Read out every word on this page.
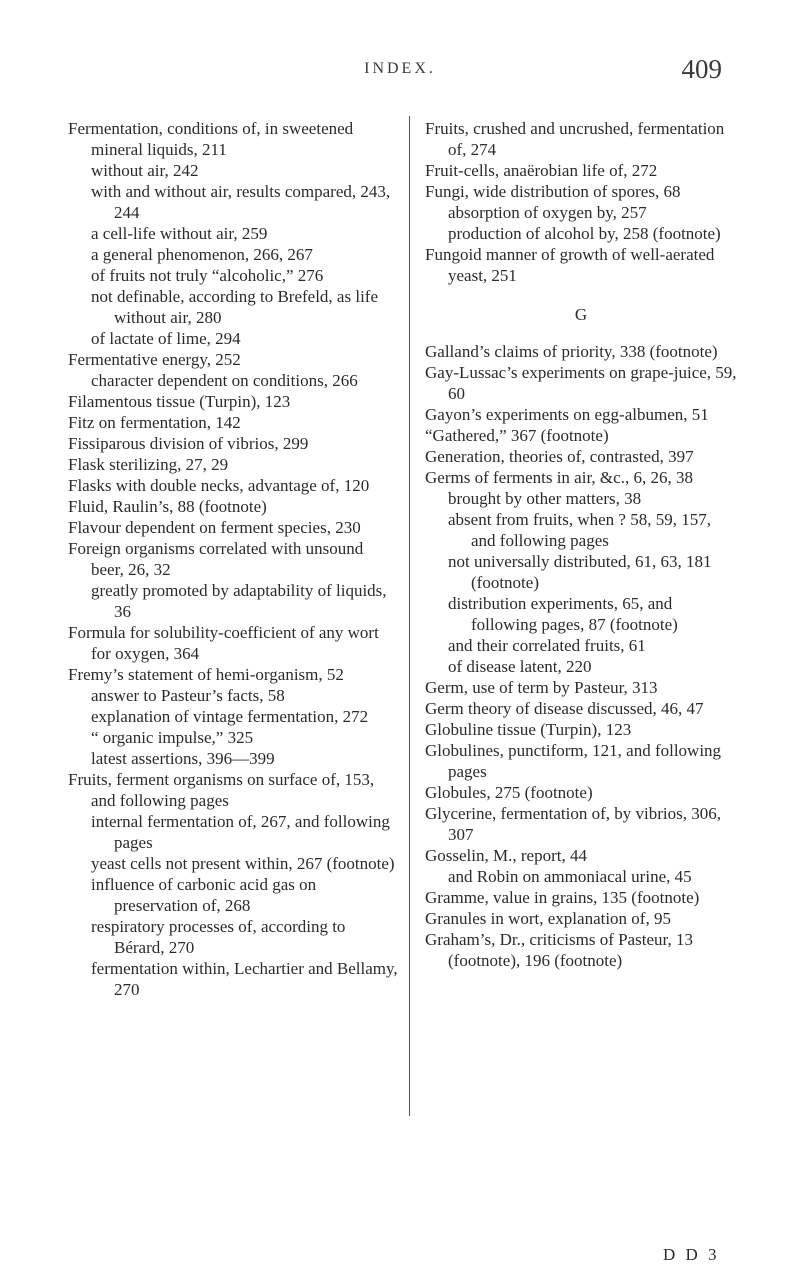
INDEX.	409

Fermentation, conditions of, in sweetened mineral liquids, 211

without air, 242

with and without air, results compared, 243, 244

a cell-life without air, 259

a general phenomenon, 266, 267

of fruits not truly “alcoholic,” 276

not definable, according to Brefeld, as life without air, 280

of lactate of lime, 294

Fermentative energy, 252

character dependent on conditions, 266

Filamentous tissue (Turpin), 123

Fitz on fermentation, 142

Fissiparous division of vibrios, 299

Flask sterilizing, 27, 29

Flasks with double necks, advantage of, 120

Fluid, Raulin’s, 88 (footnote)

Flavour dependent on ferment species, 230

Foreign organisms correlated with unsound beer, 26, 32

greatly promoted by adaptability of liquids, 36

Formula for solubility-coefficient of any wort for oxygen, 364

Fremy’s statement of hemi-organism, 52

answer to Pasteur’s facts, 58

explanation of vintage fermentation, 272

“ organic impulse,” 325

latest assertions, 396—399

Fruits, ferment organisms on surface of, 153, and following pages

internal fermentation of, 267, and following pages

yeast cells not present within, 267 (footnote)

influence of carbonic acid gas on preservation of, 268

respiratory processes of, according to Bérard, 270

fermentation within, Lechartier and Bellamy, 270

Fruits, crushed and uncrushed, fermentation of, 274

Fruit-cells, anaërobian life of, 272

Fungi, wide distribution of spores, 68

absorption of oxygen by, 257

production of alcohol by, 258 (footnote)

Fungoid manner of growth of well-aerated yeast, 251

G

Galland’s claims of priority, 338 (footnote)

Gay-Lussac’s experiments on grape-juice, 59, 60

Gayon’s experiments on egg-albumen, 51

“Gathered,” 367 (footnote)

Generation, theories of, contrasted, 397

Germs of ferments in air, &c., 6, 26, 38

brought by other matters, 38

absent from fruits, when ? 58, 59, 157, and following pages

not universally distributed, 61, 63, 181 (footnote)

distribution experiments, 65, and following pages, 87 (footnote)

and their correlated fruits, 61

of disease latent, 220

Germ, use of term by Pasteur, 313

Germ theory of disease discussed, 46, 47

Globuline tissue (Turpin), 123

Globulines, punctiform, 121, and following pages

Globules, 275 (footnote)

Glycerine, fermentation of, by vibrios, 306, 307

Gosselin, M., report, 44

and Robin on ammoniacal urine, 45

Gramme, value in grains, 135 (footnote)

Granules in wort, explanation of, 95

Graham’s, Dr., criticisms of Pasteur, 13 (footnote), 196 (footnote)

D D 3
